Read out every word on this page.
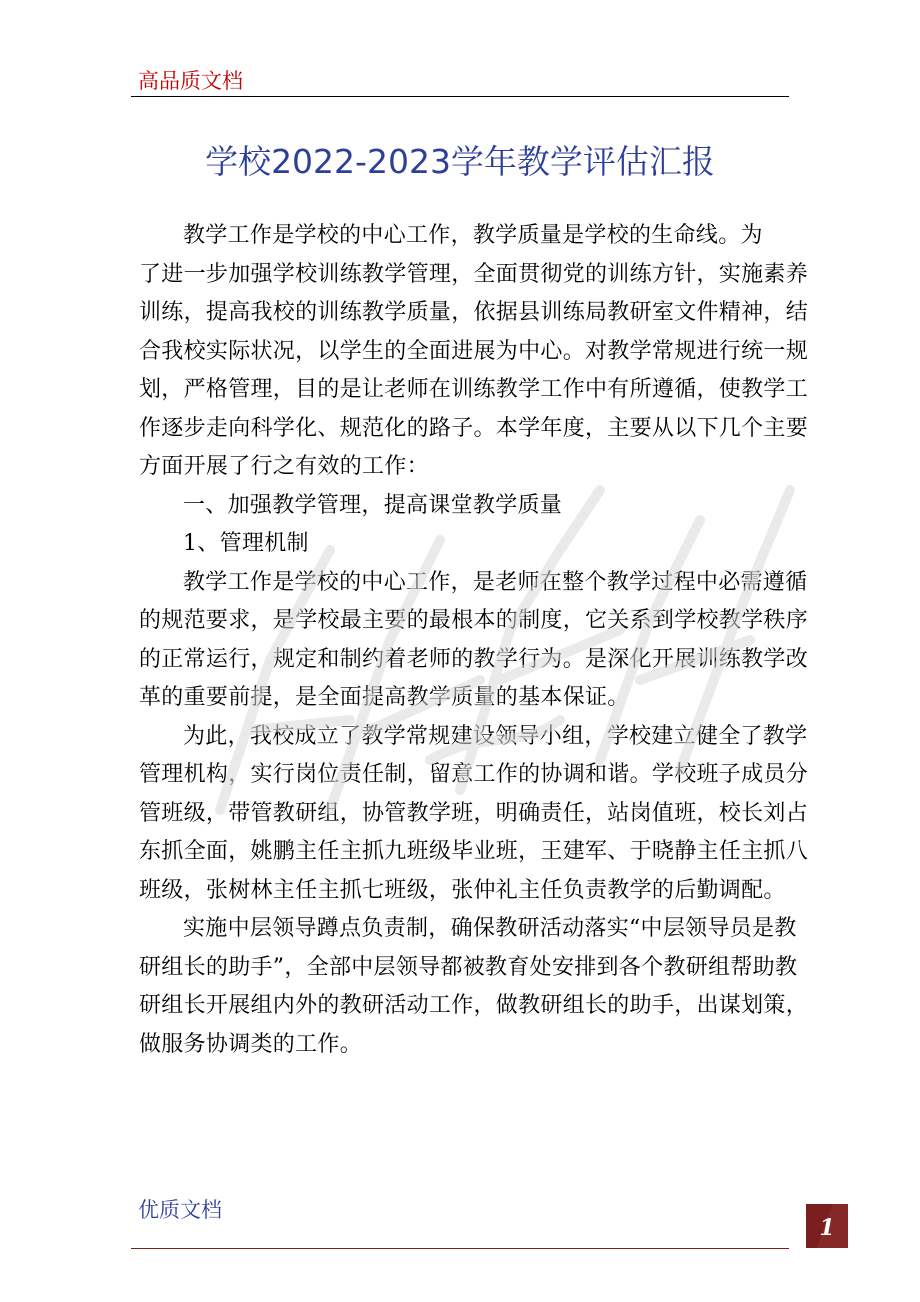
高品质文档
学校2022-2023学年教学评估汇报
教学工作是学校的中心工作，教学质量是学校的生命线。为
了进一步加强学校训练教学管理，全面贯彻党的训练方针，实施素养
训练，提高我校的训练教学质量，依据县训练局教研室文件精神，结
合我校实际状况，以学生的全面进展为中心。对教学常规进行统一规
划，严格管理，目的是让老师在训练教学工作中有所遵循，使教学工
作逐步走向科学化、规范化的路子。本学年度，主要从以下几个主要
方面开展了行之有效的工作：
一、加强教学管理，提高课堂教学质量
1、管理机制
教学工作是学校的中心工作，是老师在整个教学过程中必需遵循
的规范要求，是学校最主要的最根本的制度，它关系到学校教学秩序
的正常运行，规定和制约着老师的教学行为。是深化开展训练教学改
革的重要前提，是全面提高教学质量的基本保证。
为此，我校成立了教学常规建设领导小组，学校建立健全了教学
管理机构，实行岗位责任制，留意工作的协调和谐。学校班子成员分
管班级，带管教研组，协管教学班，明确责任，站岗值班，校长刘占
东抓全面，姚鹏主任主抓九班级毕业班，王建军、于晓静主任主抓八
班级，张树林主任主抓七班级，张仲礼主任负责教学的后勤调配。
实施中层领导蹲点负责制，确保教研活动落实“中层领导员是教
研组长的助手”，全部中层领导都被教育处安排到各个教研组帮助教
研组长开展组内外的教研活动工作，做教研组长的助手，出谋划策，
做服务协调类的工作。
优质文档
1
